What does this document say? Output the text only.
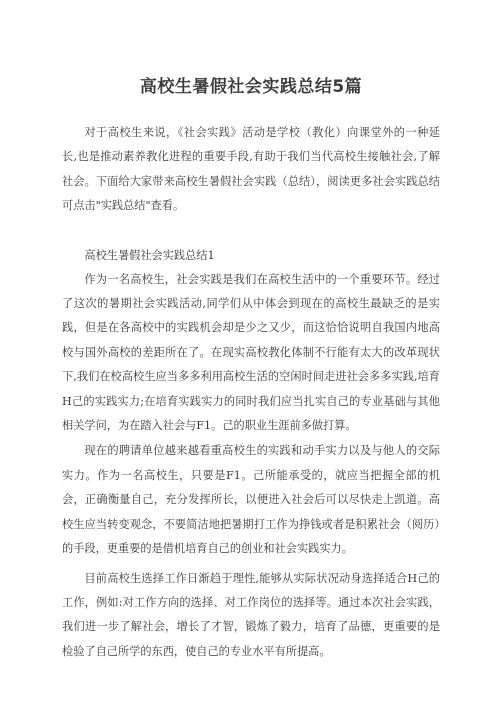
高校生暑假社会实践总结5篇

对于高校生来说，《社会实践》活动是学校（教化）向课堂外的一种延长,也是推动素养教化进程的重要手段,有助于我们当代高校生接触社会,了解社会。下面给大家带来高校生暑假社会实践（总结），阅读更多社会实践总结可点击"实践总结"查看。

高校生暑假社会实践总结1

作为一名高校生，社会实践是我们在高校生活中的一个重要环节。经过了这次的暑期社会实践活动,同学们从中体会到现在的高校生最缺乏的是实践，但是在各高校中的实践机会却是少之又少，而这恰恰说明自我国内地高校与国外高校的差距所在了。在现实高校教化体制不行能有太大的改革现状下,我们在校高校生应当多多利用高校生活的空闲时间走进社会多多实践,培育H己的实践实力;在培育实践实力的同时我们应当扎实自己的专业基础与其他相关学问，为在踏入社会与F1。己的职业生涯前多做打算。

现在的聘请单位越来越看重高校生的实践和动手实力以及与他人的交际实力。作为一名高校生，只要是F1。己所能承受的，就应当把握全部的机会，正确衡量自己，充分发挥所长，以便进入社会后可以尽快走上凯道。高校生应当转变观念，不要简洁地把暑期打工作为挣钱或者是积累社会（阅历）的手段，更重要的是借机培育自己的创业和社会实践实力。

目前高校生选择工作日渐趋于理性,能够从实际状况动身选择适合H己的工作，例如:对工作方向的选择、对工作岗位的选择等。通过本次社会实践，我们进一步了解社会，增长了才智，锻炼了毅力，培育了品德，更重要的是检验了自己所学的东西，使自己的专业水平有所提高。
